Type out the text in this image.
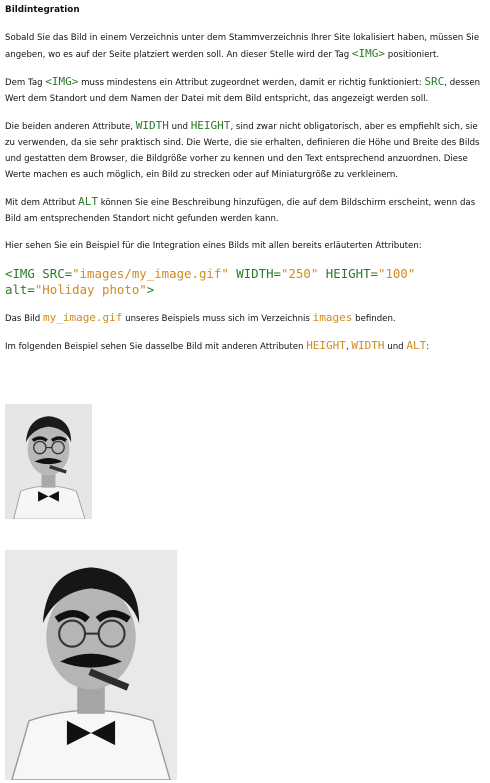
Bildintegration

Sobald Sie das Bild in einem Verzeichnis unter dem Stammverzeichnis Ihrer Site lokalisiert haben, müssen Sie angeben, wo es auf der Seite platziert werden soll. An dieser Stelle wird der Tag <IMG> positioniert.

Dem Tag <IMG> muss mindestens ein Attribut zugeordnet werden, damit er richtig funktioniert: SRC, dessen Wert dem Standort und dem Namen der Datei mit dem Bild entspricht, das angezeigt werden soll.

Die beiden anderen Attribute, WIDTH und HEIGHT, sind zwar nicht obligatorisch, aber es empfiehlt sich, sie zu verwenden, da sie sehr praktisch sind. Die Werte, die sie erhalten, definieren die Höhe und Breite des Bilds und gestatten dem Browser, die Bildgröße vorher zu kennen und den Text entsprechend anzuordnen. Diese Werte machen es auch möglich, ein Bild zu strecken oder auf Miniaturgröße zu verkleinern.

Mit dem Attribut ALT können Sie eine Beschreibung hinzufügen, die auf dem Bildschirm erscheint, wenn das Bild am entsprechenden Standort nicht gefunden werden kann.

Hier sehen Sie ein Beispiel für die Integration eines Bilds mit allen bereits erläuterten Attributen:

<IMG SRC="images/my_image.gif" WIDTH="250" HEIGHT="100"
alt="Holiday photo">

Das Bild my_image.gif unseres Beispiels muss sich im Verzeichnis images befinden.

Im folgenden Beispiel sehen Sie dasselbe Bild mit anderen Attributen HEIGHT, WIDTH und ALT:
